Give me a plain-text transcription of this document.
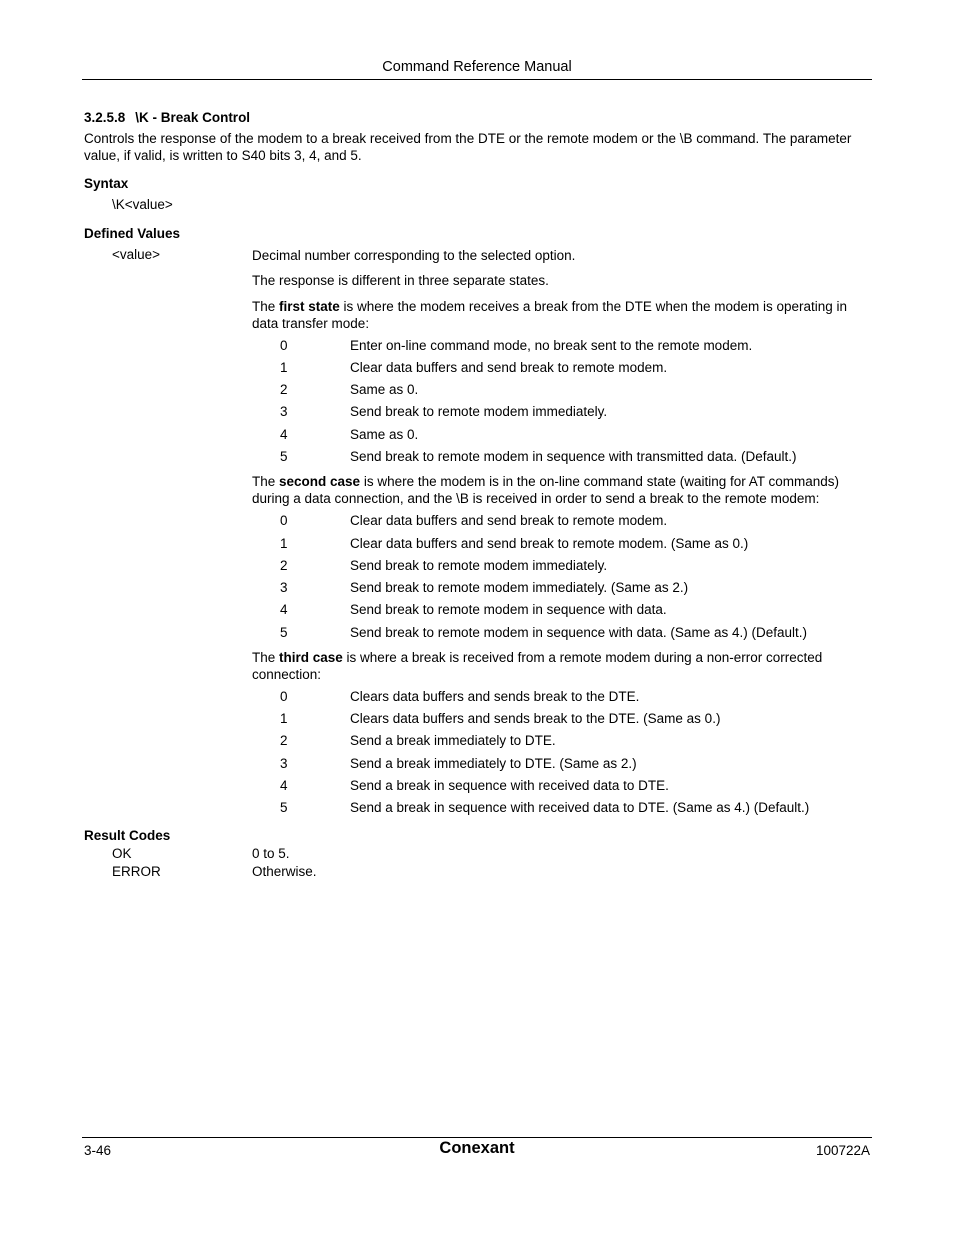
Command Reference Manual
3.2.5.8 \K - Break Control
Controls the response of the modem to a break received from the DTE or the remote modem or the \B command. The parameter value, if valid, is written to S40 bits 3, 4, and 5.
Syntax
\K<value>
Defined Values
<value>	Decimal number corresponding to the selected option.
The response is different in three separate states.
The first state is where the modem receives a break from the DTE when the modem is operating in data transfer mode:
0	Enter on-line command mode, no break sent to the remote modem.
1	Clear data buffers and send break to remote modem.
2	Same as 0.
3	Send break to remote modem immediately.
4	Same as 0.
5	Send break to remote modem in sequence with transmitted data. (Default.)
The second case is where the modem is in the on-line command state (waiting for AT commands) during a data connection, and the \B is received in order to send a break to the remote modem:
0	Clear data buffers and send break to remote modem.
1	Clear data buffers and send break to remote modem. (Same as 0.)
2	Send break to remote modem immediately.
3	Send break to remote modem immediately. (Same as 2.)
4	Send break to remote modem in sequence with data.
5	Send break to remote modem in sequence with data. (Same as 4.) (Default.)
The third case is where a break is received from a remote modem during a non-error corrected connection:
0	Clears data buffers and sends break to the DTE.
1	Clears data buffers and sends break to the DTE. (Same as 0.)
2	Send a break immediately to DTE.
3	Send a break immediately to DTE. (Same as 2.)
4	Send a break in sequence with received data to DTE.
5	Send a break in sequence with received data to DTE. (Same as 4.) (Default.)
Result Codes
OK	0 to 5.
ERROR	Otherwise.
3-46	Conexant	100722A
